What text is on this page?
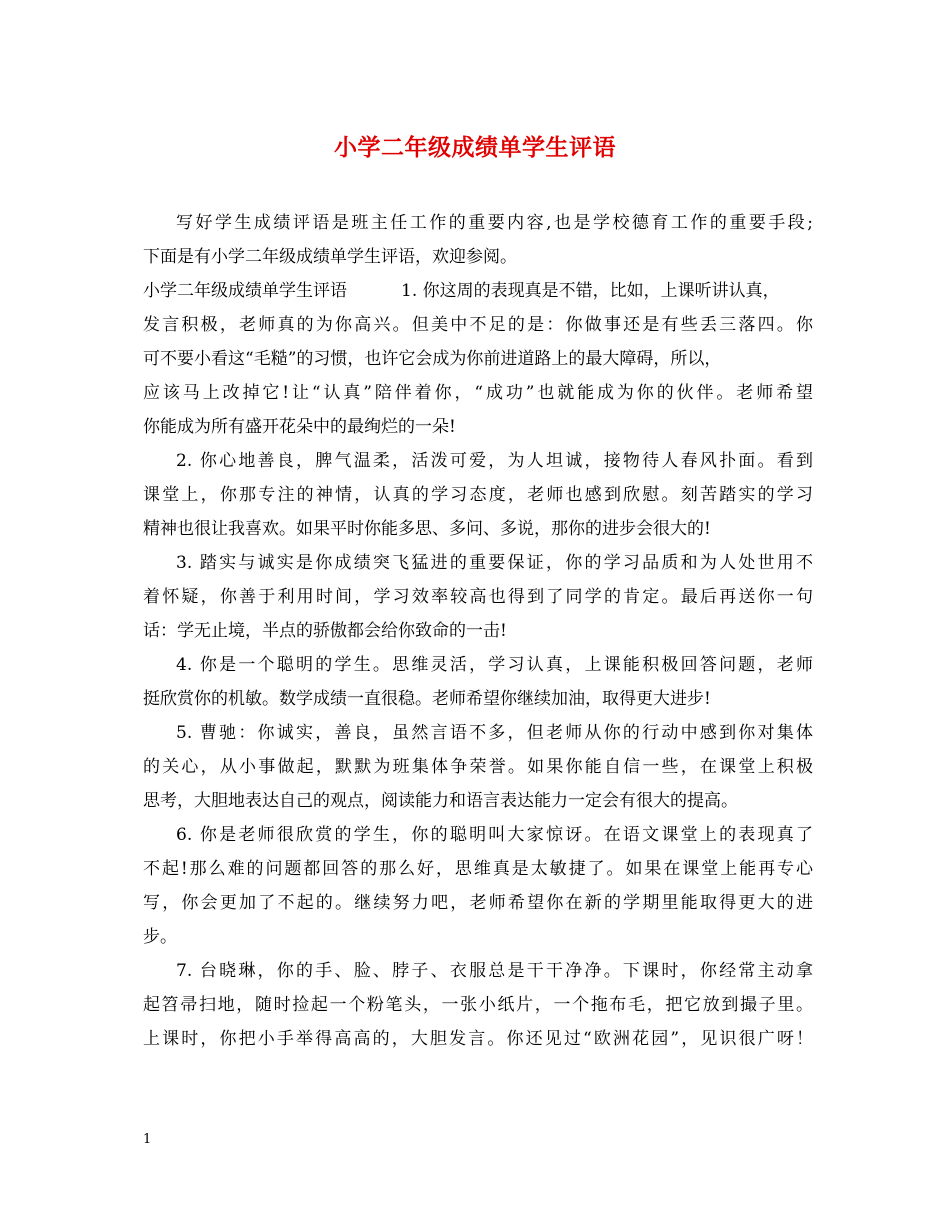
小学二年级成绩单学生评语
写好学生成绩评语是班主任工作的重要内容,也是学校德育工作的重要手段;
下面是有小学二年级成绩单学生评语，欢迎参阅。
小学二年级成绩单学生评语	1. 你这周的表现真是不错，比如，上课听讲认真，
发言积极，老师真的为你高兴。但美中不足的是：你做事还是有些丢三落四。你
可不要小看这“毛糙”的习惯，也许它会成为你前进道路上的最大障碍，所以，
应该马上改掉它!让“认真”陪伴着你，“成功”也就能成为你的伙伴。老师希望
你能成为所有盛开花朵中的最绚烂的一朵!
2. 你心地善良，脾气温柔，活泼可爱，为人坦诚，接物待人春风扑面。看到
课堂上，你那专注的神情，认真的学习态度，老师也感到欣慰。刻苦踏实的学习
精神也很让我喜欢。如果平时你能多思、多问、多说，那你的进步会很大的!
3. 踏实与诚实是你成绩突飞猛进的重要保证，你的学习品质和为人处世用不
着怀疑，你善于利用时间，学习效率较高也得到了同学的肯定。最后再送你一句
话：学无止境，半点的骄傲都会给你致命的一击!
4. 你是一个聪明的学生。思维灵活，学习认真，上课能积极回答问题，老师
挺欣赏你的机敏。数学成绩一直很稳。老师希望你继续加油，取得更大进步!
5. 曹驰：你诚实，善良，虽然言语不多，但老师从你的行动中感到你对集体
的关心，从小事做起，默默为班集体争荣誉。如果你能自信一些，在课堂上积极
思考，大胆地表达自己的观点，阅读能力和语言表达能力一定会有很大的提高。
6. 你是老师很欣赏的学生，你的聪明叫大家惊讶。在语文课堂上的表现真了
不起!那么难的问题都回答的那么好，思维真是太敏捷了。如果在课堂上能再专心
写，你会更加了不起的。继续努力吧，老师希望你在新的学期里能取得更大的进
步。
7. 台晓琳，你的手、脸、脖子、衣服总是干干净净。下课时，你经常主动拿
起笤帚扫地，随时捡起一个粉笔头，一张小纸片，一个拖布毛，把它放到撮子里。
上课时，你把小手举得高高的，大胆发言。你还见过“欧洲花园”，见识很广呀！
1
